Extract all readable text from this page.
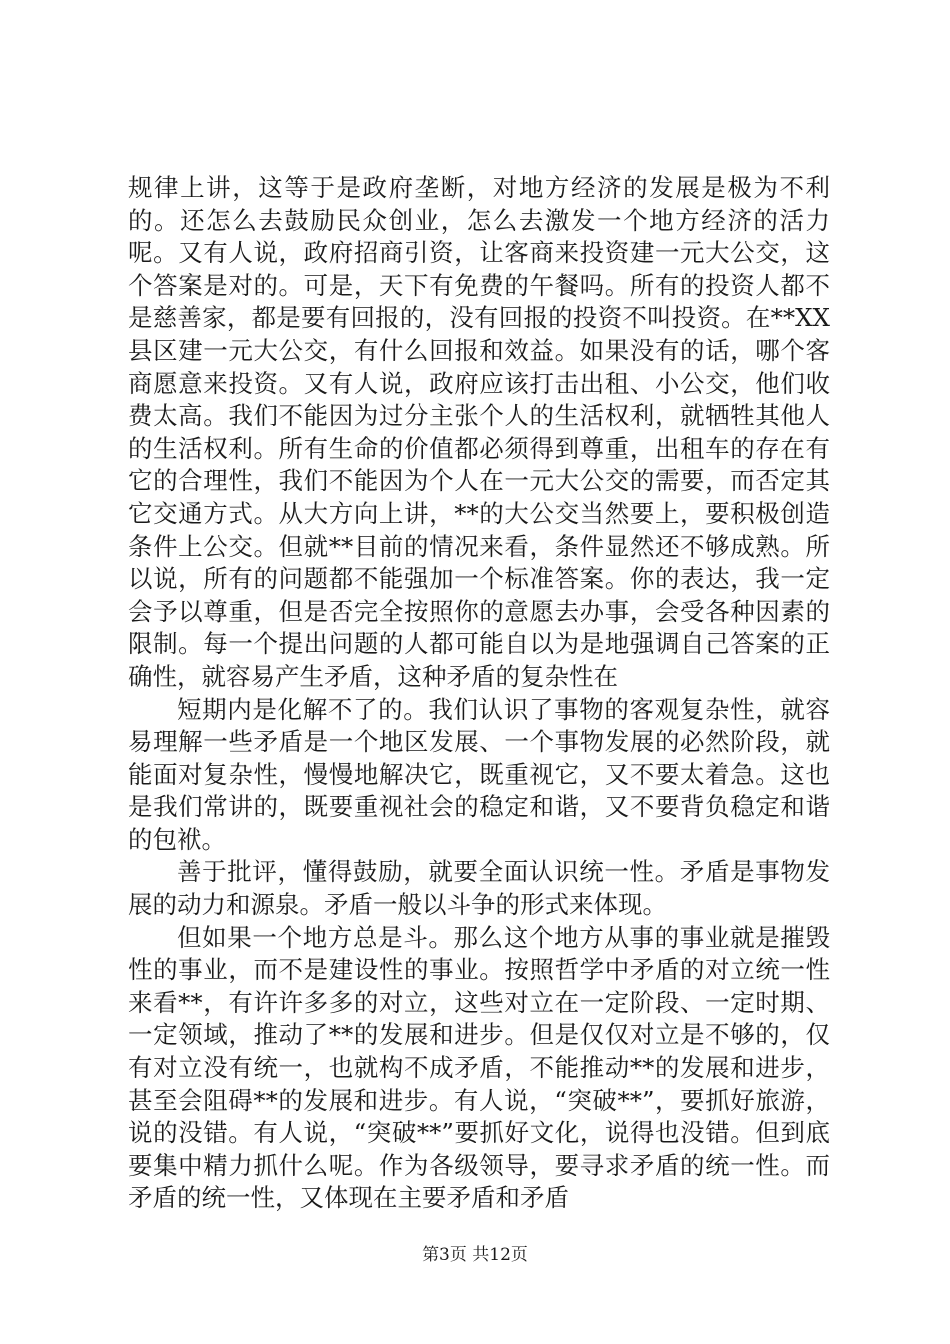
规律上讲，这等于是政府垄断，对地方经济的发展是极为不利的。还怎么去鼓励民众创业，怎么去激发一个地方经济的活力呢。又有人说，政府招商引资，让客商来投资建一元大公交，这个答案是对的。可是，天下有免费的午餐吗。所有的投资人都不是慈善家，都是要有回报的，没有回报的投资不叫投资。在**XX县区建一元大公交，有什么回报和效益。如果没有的话，哪个客商愿意来投资。又有人说，政府应该打击出租、小公交，他们收费太高。我们不能因为过分主张个人的生活权利，就牺牲其他人的生活权利。所有生命的价值都必须得到尊重，出租车的存在有它的合理性，我们不能因为个人在一元大公交的需要，而否定其它交通方式。从大方向上讲，**的大公交当然要上，要积极创造条件上公交。但就**目前的情况来看，条件显然还不够成熟。所以说，所有的问题都不能强加一个标准答案。你的表达，我一定会予以尊重，但是否完全按照你的意愿去办事，会受各种因素的限制。每一个提出问题的人都可能自以为是地强调自己答案的正确性，就容易产生矛盾，这种矛盾的复杂性在

短期内是化解不了的。我们认识了事物的客观复杂性，就容易理解一些矛盾是一个地区发展、一个事物发展的必然阶段，就能面对复杂性，慢慢地解决它，既重视它，又不要太着急。这也是我们常讲的，既要重视社会的稳定和谐，又不要背负稳定和谐的包袱。

善于批评，懂得鼓励，就要全面认识统一性。矛盾是事物发展的动力和源泉。矛盾一般以斗争的形式来体现。

但如果一个地方总是斗。那么这个地方从事的事业就是摧毁性的事业，而不是建设性的事业。按照哲学中矛盾的对立统一性来看**，有许许多多的对立，这些对立在一定阶段、一定时期、一定领域，推动了**的发展和进步。但是仅仅对立是不够的，仅有对立没有统一，也就构不成矛盾，不能推动**的发展和进步，甚至会阻碍**的发展和进步。有人说，“突破**”，要抓好旅游，说的没错。有人说，“突破**”要抓好文化，说得也没错。但到底要集中精力抓什么呢。作为各级领导，要寻求矛盾的统一性。而矛盾的统一性，又体现在主要矛盾和矛盾

第3页 共12页
